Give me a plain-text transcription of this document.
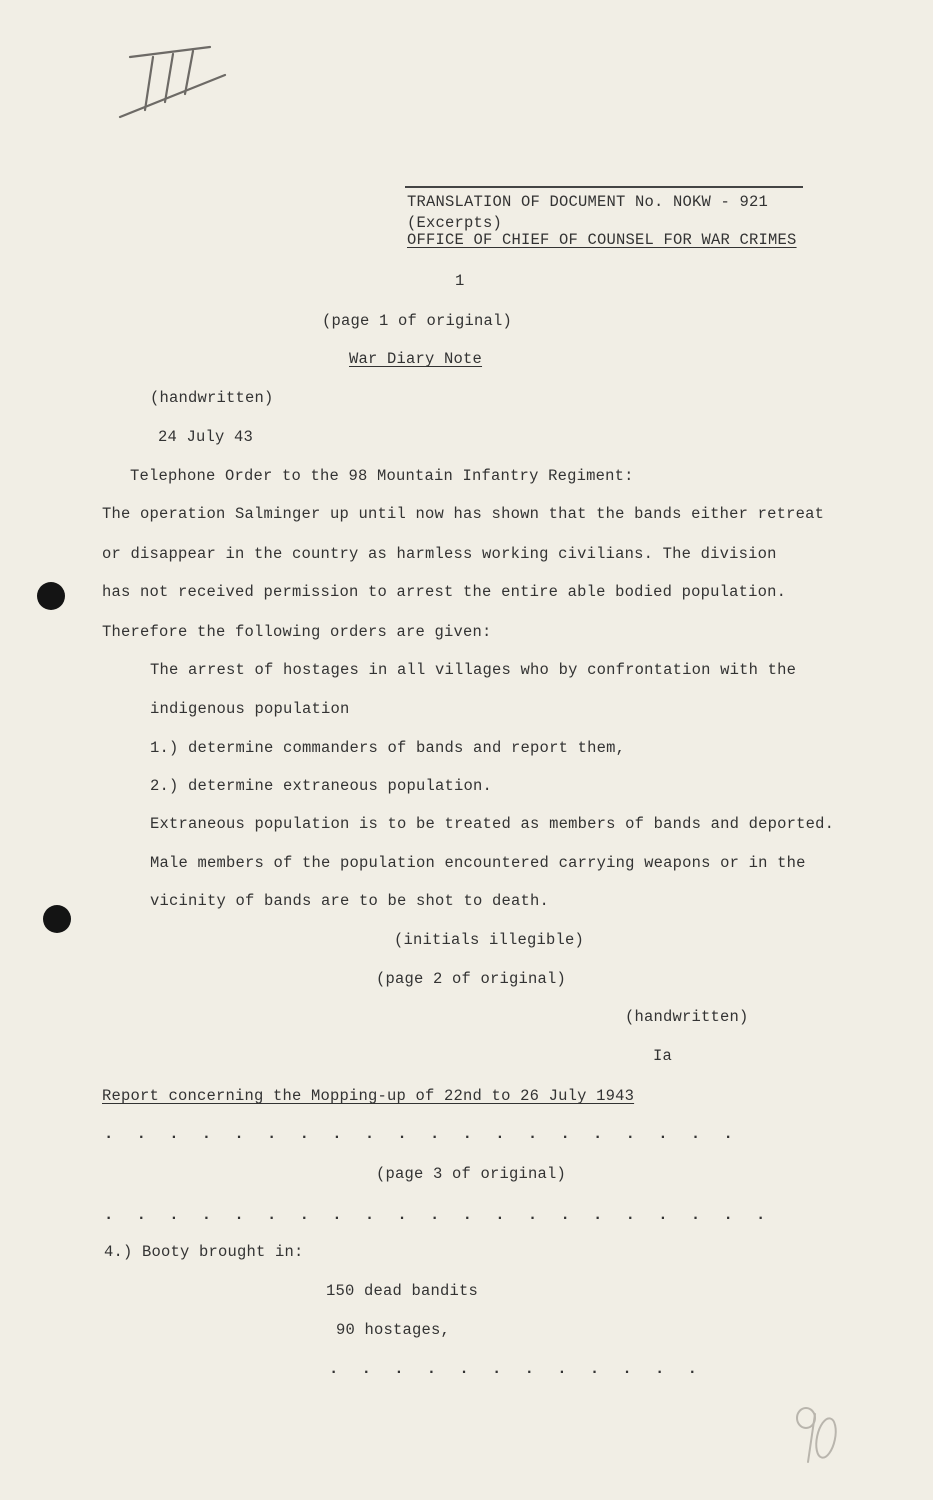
TRANSLATION OF DOCUMENT No. NOKW - 921
(Excerpts)
OFFICE OF CHIEF OF COUNSEL FOR WAR CRIMES
1
(page 1 of original)
War Diary Note
(handwritten)
24 July 43
Telephone Order to the 98 Mountain Infantry Regiment:
The operation Salminger up until now has shown that the bands either retreat
or disappear in the country as harmless working civilians. The division
has not received permission to arrest the entire able bodied population.
Therefore the following orders are given:
The arrest of hostages in all villages who by confrontation with the
indigenous population
1.) determine commanders of bands and report them,
2.) determine extraneous population.
Extraneous population is to be treated as members of bands and deported.
Male members of the population encountered carrying weapons or in the
vicinity of bands are to be shot to death.
(initials illegible)
(page 2 of original)
(handwritten)
Ia
Report concerning the Mopping-up of 22nd to 26 July 1943
. . . . . . . . . . . . . . . . . . . .
(page 3 of original)
. . . . . . . . . . . . . . . . . . . . .
4.) Booty brought in:
150 dead bandits
90 hostages,
. . . . . . . . . . . .
